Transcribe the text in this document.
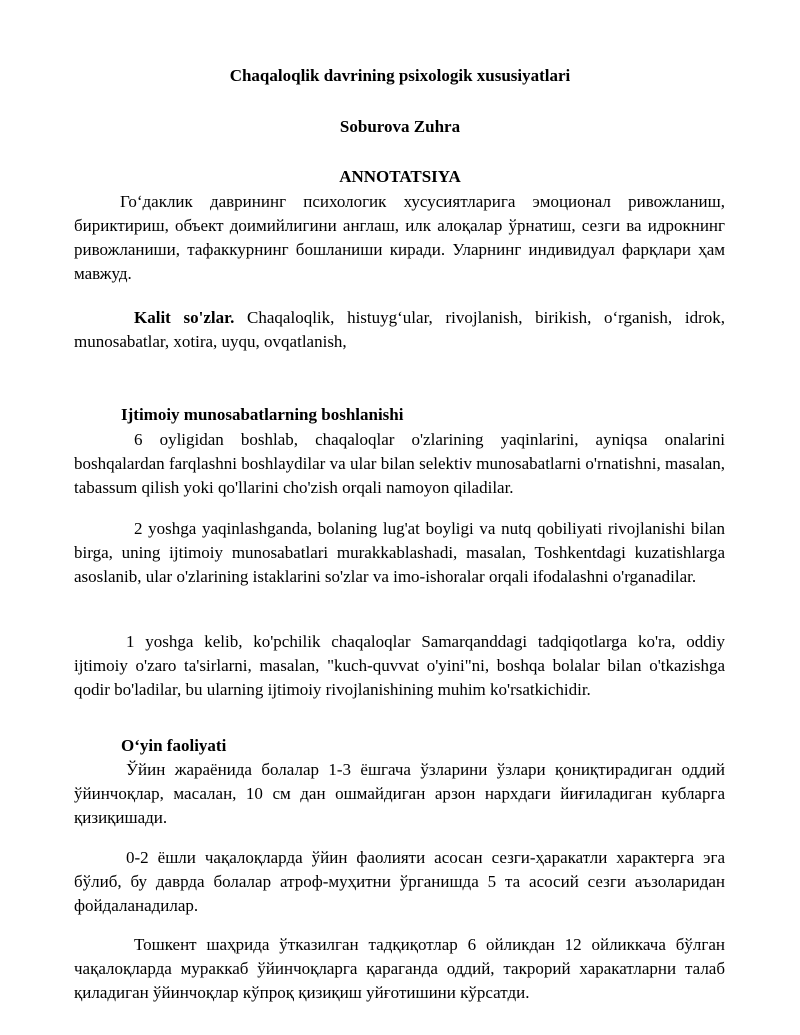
Chaqaloqlik davrining psixologik xususiyatlari
Soburova Zuhra
ANNOTATSIYA
Го‘даклик даврининг психологик хусусиятларига эмоционал ривожланиш, бириктириш, объект доимийлигини англаш, илк алоқалар ўрнатиш, сезги ва идрокнинг ривожланиши, тафаккурнинг бошланиши киради. Уларнинг индивидуал фарқлари ҳам мавжуд.
Kalit so'zlar. Chaqaloqlik, histuyg‘ular, rivojlanish, birikish, o‘rganish, idrok, munosabatlar, xotira, uyqu, ovqatlanish,
Ijtimoiy munosabatlarning boshlanishi
6 oyligidan boshlab, chaqaloqlar o'zlarining yaqinlarini, ayniqsa onalarini boshqalardan farqlashni boshlaydilar va ular bilan selektiv munosabatlarni o'rnatishni, masalan, tabassum qilish yoki qo'llarini cho'zish orqali namoyon qiladilar.
2 yoshga yaqinlashganda, bolaning lug'at boyligi va nutq qobiliyati rivojlanishi bilan birga, uning ijtimoiy munosabatlari murakkablashadi, masalan, Toshkentdagi kuzatishlarga asoslanib, ular o'zlarining istaklarini so'zlar va imo-ishoralar orqali ifodalashni o'rganadilar.
1 yoshga kelib, ko'pchilik chaqaloqlar Samarqanddagi tadqiqotlarga ko'ra, oddiy ijtimoiy o'zaro ta'sirlarni, masalan, "kuch-quvvat o'yini"ni, boshqa bolalar bilan o'tkazishga qodir bo'ladilar, bu ularning ijtimoiy rivojlanishining muhim ko'rsatkichidir.
O‘yin faoliyati
Ўйин жараёнида болалар 1-3 ёшгача ўзларини ўзлари қониқтирадиган оддий ўйинчоқлар, масалан, 10 см дан ошмайдиган арзон нархдаги йиғиладиган кубларга қизиқишади.
0-2 ёшли чақалоқларда ўйин фаолияти асосан сезги-ҳаракатли характерга эга бўлиб, бу даврда болалар атроф-муҳитни ўрганишда 5 та асосий сезги аъзоларидан фойдаланадилар.
Тошкент шаҳрида ўтказилган тадқиқотлар 6 ойликдан 12 ойликкача бўлган чақалоқларда мураккаб ўйинчоқларга қараганда оддий, такрорий харакатларни талаб қиладиган ўйинчоқлар кўпроқ қизиқиш уйғотишини кўрсатди.
